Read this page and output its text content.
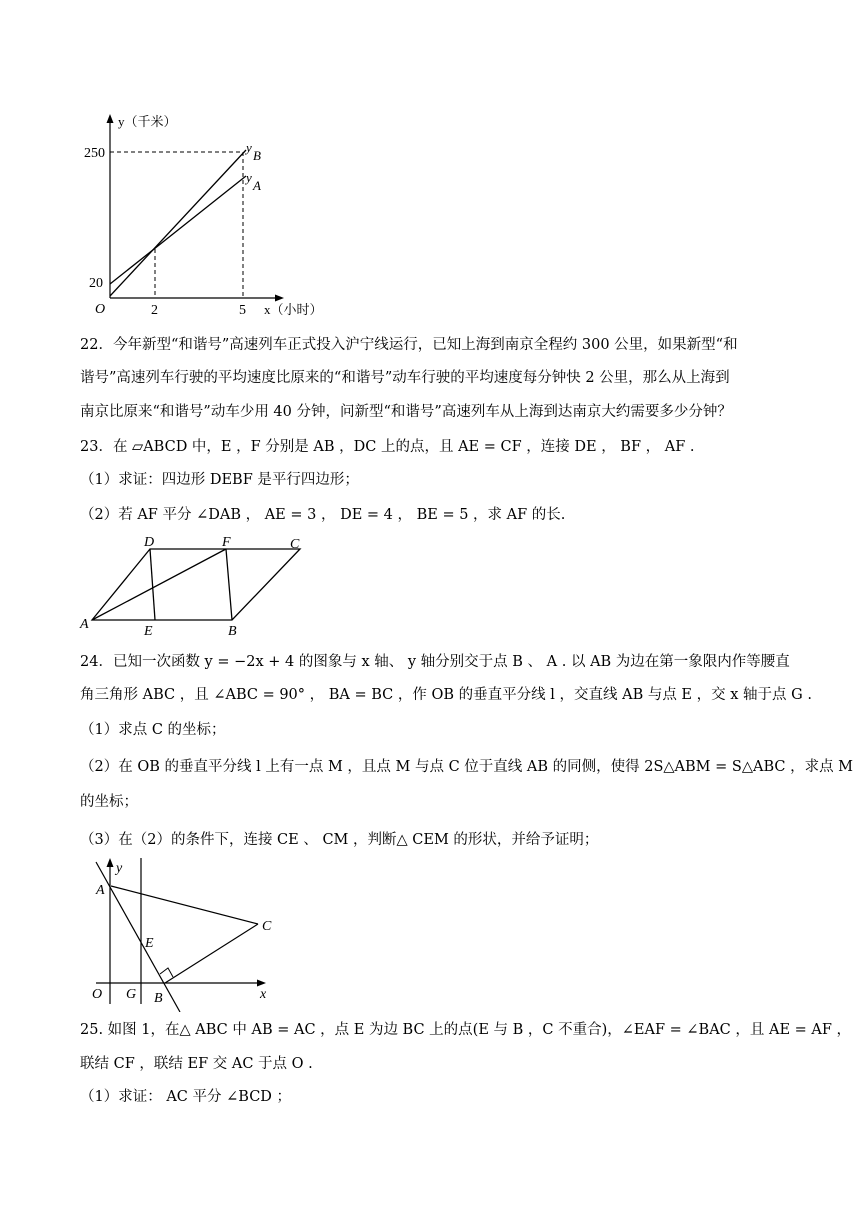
y（千米）
250
20
O	2	5 x（小时）
y
B
y
A
22．今年新型“和谐号”高速列车正式投入沪宁线运行，已知上海到南京全程约 300 公里，如果新型“和
谐号”高速列车行驶的平均速度比原来的“和谐号”动车行驶的平均速度每分钟快 2 公里，那么从上海到
南京比原来“和谐号”动车少用 40 分钟，问新型“和谐号”高速列车从上海到达南京大约需要多少分钟？
23．在 ▱ABCD 中，E ，F 分别是 AB ，DC 上的点，且 AE = CF ，连接 DE ， BF ， AF .
（1）求证：四边形 DEBF 是平行四边形；
（2）若 AF 平分 ∠DAB ， AE = 3 ， DE = 4 ， BE = 5 ，求 AF 的长.
D	F	C
A	E	B
24．已知一次函数 y = −2x + 4 的图象与 x 轴、 y 轴分别交于点 B 、 A . 以 AB 为边在第一象限内作等腰直
角三角形 ABC ，且 ∠ABC = 90° ， BA = BC ，作 OB 的垂直平分线 l ，交直线 AB 与点 E ，交 x 轴于点 G .
（1）求点 C 的坐标；
（2）在 OB 的垂直平分线 l 上有一点 M ，且点 M 与点 C 位于直线 AB 的同侧，使得 2S△ABM = S△ABC ，求点 M
的坐标；
（3）在（2）的条件下，连接 CE 、 CM ，判断△ CEM 的形状，并给予证明；
y
A
C
E
O G B	x
25. 如图 1，在△ ABC 中 AB = AC ，点 E 为边 BC 上的点(E 与 B ，C 不重合)，∠EAF = ∠BAC ，且 AE = AF ，
联结 CF ，联结 EF 交 AC 于点 O .
（1）求证： AC 平分 ∠BCD ；
